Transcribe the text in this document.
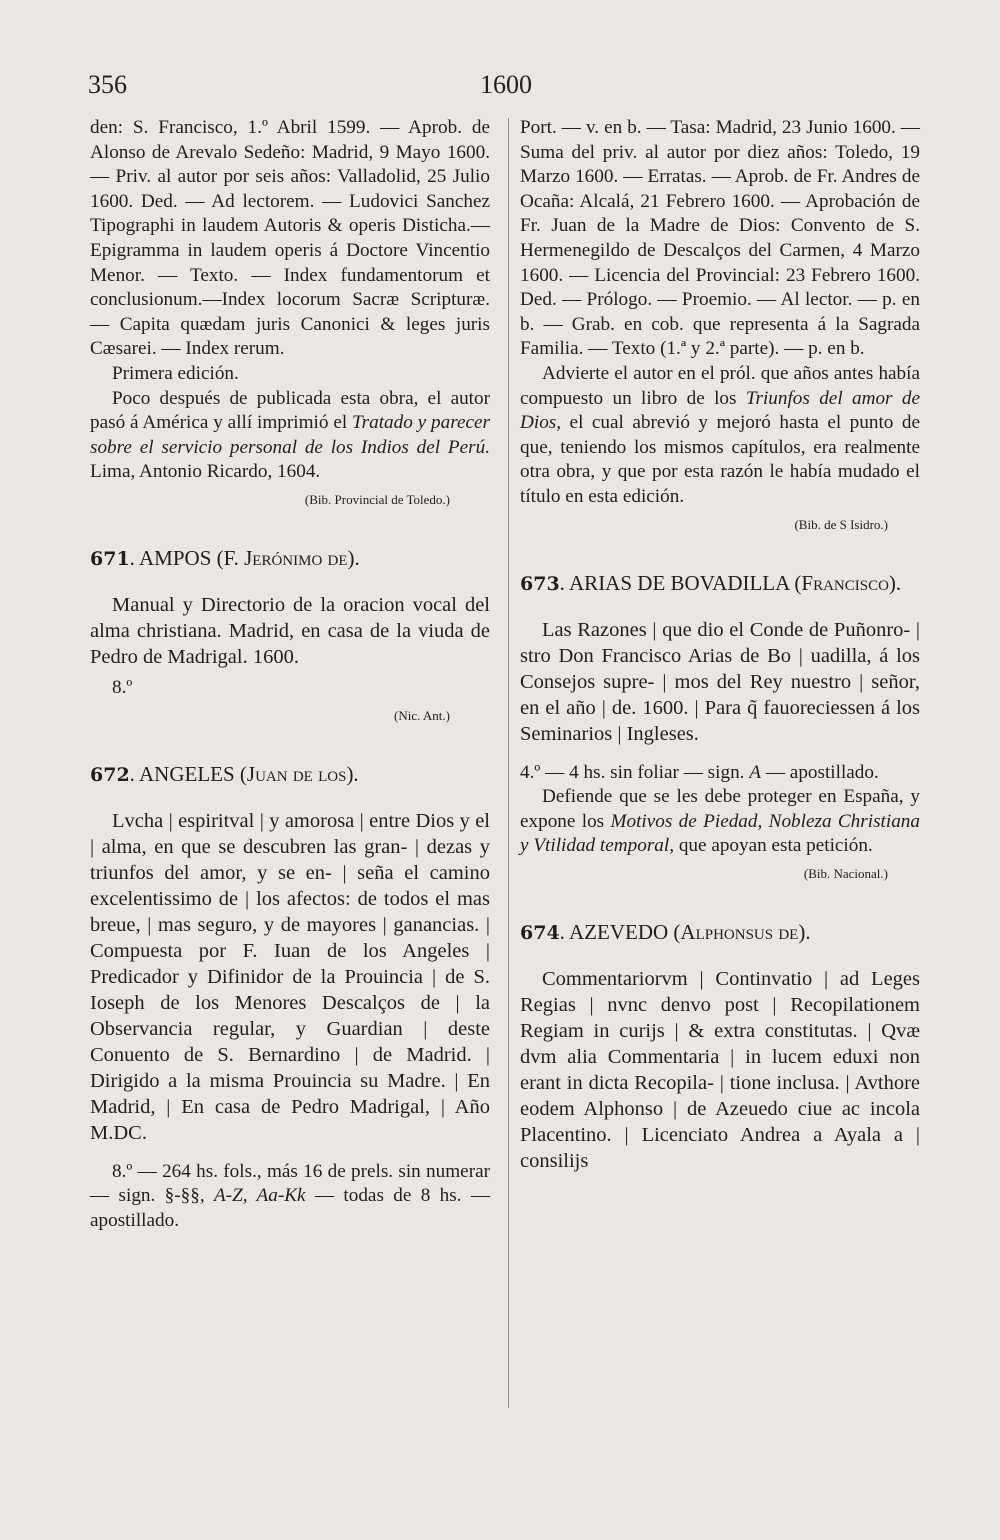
356	1600

den: S. Francisco, 1.º Abril 1599. — Aprob. de Alonso de Arevalo Sedeño: Madrid, 9 Mayo 1600. — Priv. al autor por seis años: Valladolid, 25 Julio 1600. Ded. — Ad lectorem. — Ludovici Sanchez Tipographi in laudem Autoris & operis Disticha.—Epigramma in laudem operis á Doctore Vincentio Menor. — Texto. — Index fundamentorum et conclusionum.—Index locorum Sacræ Scripturæ. — Capita quædam juris Canonici & leges juris Cæsarei. — Index rerum.

Primera edición.

Poco después de publicada esta obra, el autor pasó á América y allí imprimió el Tratado y parecer sobre el servicio personal de los Indios del Perú. Lima, Antonio Ricardo, 1604.

(Bib. Provincial de Toledo.)

671. AMPOS (F. Jerónimo de).

Manual y Directorio de la oracion vocal del alma christiana. Madrid, en casa de la viuda de Pedro de Madrigal. 1600.

8.º

(Nic. Ant.)

672. ANGELES (Juan de los).

Lvcha | espiritval | y amorosa | entre Dios y el | alma, en que se descubren las gran- | dezas y triunfos del amor, y se en- | seña el camino excelentissimo de | los afectos: de todos el mas breue, | mas seguro, y de mayores | ganancias. | Compuesta por F. Iuan de los Angeles | Predicador y Difinidor de la Prouincia | de S. Ioseph de los Menores Descalços de | la Observancia regular, y Guardian | deste Conuento de S. Bernardino | de Madrid. | Dirigido a la misma Prouincia su Madre. | En Madrid, | En casa de Pedro Madrigal, | Año M.DC.

8.º — 264 hs. fols., más 16 de prels. sin numerar — sign. §-§§, A-Z, Aa-Kk — todas de 8 hs. — apostillado.

Port. — v. en b. — Tasa: Madrid, 23 Junio 1600. — Suma del priv. al autor por diez años: Toledo, 19 Marzo 1600. — Erratas. — Aprob. de Fr. Andres de Ocaña: Alcalá, 21 Febrero 1600. — Aprobación de Fr. Juan de la Madre de Dios: Convento de S. Hermenegildo de Descalços del Carmen, 4 Marzo 1600. — Licencia del Provincial: 23 Febrero 1600. Ded. — Prólogo. — Proemio. — Al lector. — p. en b. — Grab. en cob. que representa á la Sagrada Familia. — Texto (1.ª y 2.ª parte). — p. en b.

Advierte el autor en el pról. que años antes había compuesto un libro de los Triunfos del amor de Dios, el cual abrevió y mejoró hasta el punto de que, teniendo los mismos capítulos, era realmente otra obra, y que por esta razón le había mudado el título en esta edición.

(Bib. de S Isidro.)

673. ARIAS DE BOVADILLA (Francisco).

Las Razones | que dio el Conde de Puñonro- | stro Don Francisco Arias de Bo | uadilla, á los Consejos supre- | mos del Rey nuestro | señor, en el año | de. 1600. | Para q̃ fauoreciessen á los Seminarios | Ingleses.

4.º — 4 hs. sin foliar — sign. A — apostillado.

Defiende que se les debe proteger en España, y expone los Motivos de Piedad, Nobleza Christiana y Vtilidad temporal, que apoyan esta petición.

(Bib. Nacional.)

674. AZEVEDO (Alphonsus de).

Commentariorvm | Continvatio | ad Leges Regias | nvnc denvo post | Recopilationem Regiam in curijs | & extra constitutas. | Qvæ dvm alia Commentaria | in lucem eduxi non erant in dicta Recopila- | tione inclusa. | Avthore eodem Alphonso | de Azeuedo ciue ac incola Placentino. | Licenciato Andrea a Ayala a | consilijs
